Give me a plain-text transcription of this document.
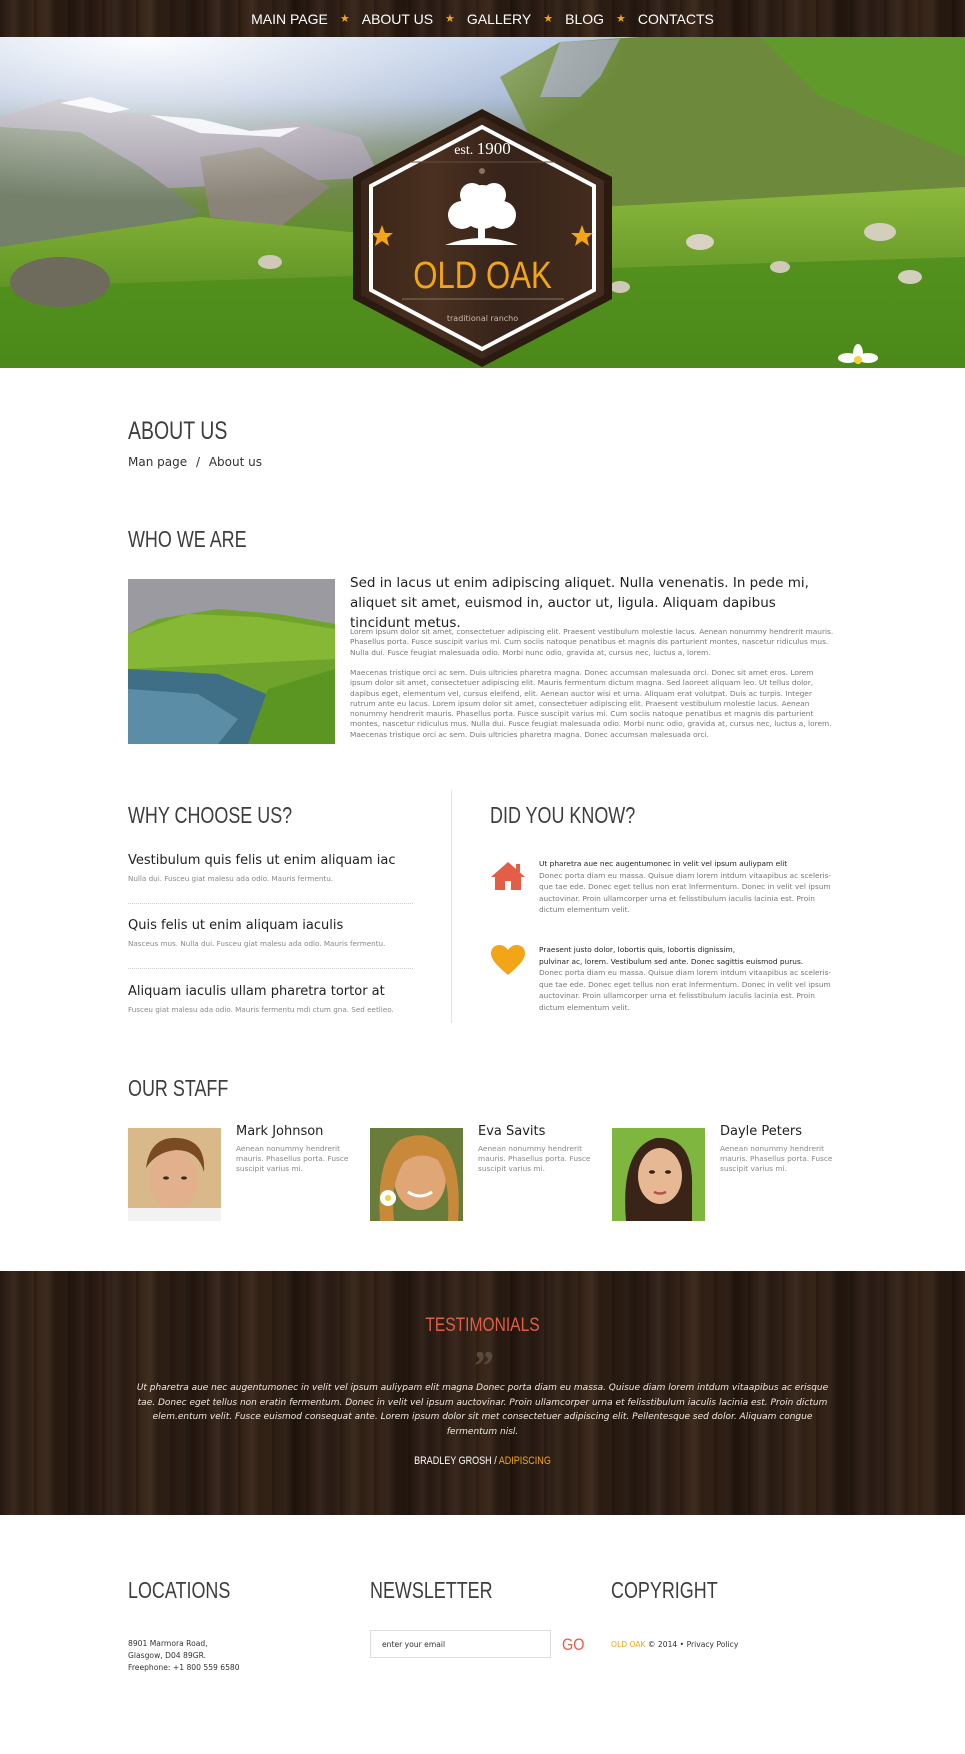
MAIN PAGE	★ ABOUT US	★ GALLERY	★ BLOG	★ CONTACTS
est. 1900
OLD OAK
traditional rancho
ABOUT US
Man page / About us
WHO WE ARE
Sed in lacus ut enim adipiscing aliquet. Nulla venenatis. In pede mi, aliquet sit amet, euismod in, auctor ut, ligula. Aliquam dapibus tincidunt metus.
Lorem ipsum dolor sit amet, consectetuer adipiscing elit. Praesent vestibulum molestie lacus. Aenean nonummy hendrerit mauris. Phasellus porta. Fusce suscipit varius mi. Cum sociis natoque penatibus et magnis dis parturient montes, nascetur ridiculus mus. Nulla dui. Fusce feugiat malesuada odio. Morbi nunc odio, gravida at, cursus nec, luctus a, lorem.
Maecenas tristique orci ac sem. Duis ultricies pharetra magna. Donec accumsan malesuada orci. Donec sit amet eros. Lorem ipsum dolor sit amet, consectetuer adipiscing elit. Mauris fermentum dictum magna. Sed laoreet aliquam leo. Ut tellus dolor, dapibus eget, elementum vel, cursus eleifend, elit. Aenean auctor wisi et urna. Aliquam erat volutpat. Duis ac turpis. Integer rutrum ante eu lacus. Lorem ipsum dolor sit amet, consectetuer adipiscing elit. Praesent vestibulum molestie lacus. Aenean nonummy hendrerit mauris. Phasellus porta. Fusce suscipit varius mi. Cum sociis natoque penatibus et magnis dis parturient montes, nascetur ridiculus mus. Nulla dui. Fusce feugiat malesuada odio. Morbi nunc odio, gravida at, cursus nec, luctus a, lorem. Maecenas tristique orci ac sem. Duis ultricies pharetra magna. Donec accumsan malesuada orci.
WHY CHOOSE US?
Vestibulum quis felis ut enim aliquam iac
Nulla dui. Fusceu giat malesu ada odio. Mauris fermentu.
Quis felis ut enim aliquam iaculis
Nasceus mus. Nulla dui. Fusceu giat malesu ada odio. Mauris fermentu.
Aliquam iaculis ullam pharetra tortor at
Fusceu giat malesu ada odio. Mauris fermentu mdi ctum gna. Sed eetlieo.
DID YOU KNOW?
Ut pharetra aue nec augentumonec in velit vel ipsum auliypam elit
Donec porta diam eu massa. Quisue diam lorem intdum vitaapibus ac sceleris-que tae ede. Donec eget tellus non erat lnfermentum. Donec in velit vel ipsum auctovinar. Proin ullamcorper urna et felisstibulum iaculis lacinia est. Proin dictum elementum velit.
Praesent justo dolor, lobortis quis, lobortis dignissim,
pulvinar ac, lorem. Vestibulum sed ante. Donec sagittis euismod purus.
Donec porta diam eu massa. Quisue diam lorem intdum vitaapibus ac sceleris-que tae ede. Donec eget tellus non erat lnfermentum. Donec in velit vel ipsum auctovinar. Proin ullamcorper urna et felisstibulum iaculis lacinia est. Proin dictum elementum velit.
OUR STAFF
Mark Johnson
Aenean nonummy hendrerit mauris. Phasellus porta. Fusce suscipit varius mi.
Eva Savits
Aenean nonummy hendrerit mauris. Phasellus porta. Fusce suscipit varius mi.
Dayle Peters
Aenean nonummy hendrerit mauris. Phasellus porta. Fusce suscipit varius mi.
TESTIMONIALS
”
Ut pharetra aue nec augentumonec in velit vel ipsum auliypam elit magna Donec porta diam eu massa. Quisue diam lorem intdum vitaapibus ac erisque tae. Donec eget tellus non eratin fermentum. Donec in velit vel ipsum auctovinar. Proin ullamcorper urna et felisstibulum iaculis lacinia est. Proin dictum elem.entum velit. Fusce euismod consequat ante. Lorem ipsum dolor sit met consectetuer adipiscing elit. Pellentesque sed dolor. Aliquam congue fermentum nisl.
BRADLEY GROSH / ADIPISCING
LOCATIONS
8901 Marmora Road,
Glasgow, D04 89GR.
Freephone: +1 800 559 6580
NEWSLETTER
enter your email
GO
COPYRIGHT
OLD OAK © 2014 • Privacy Policy
